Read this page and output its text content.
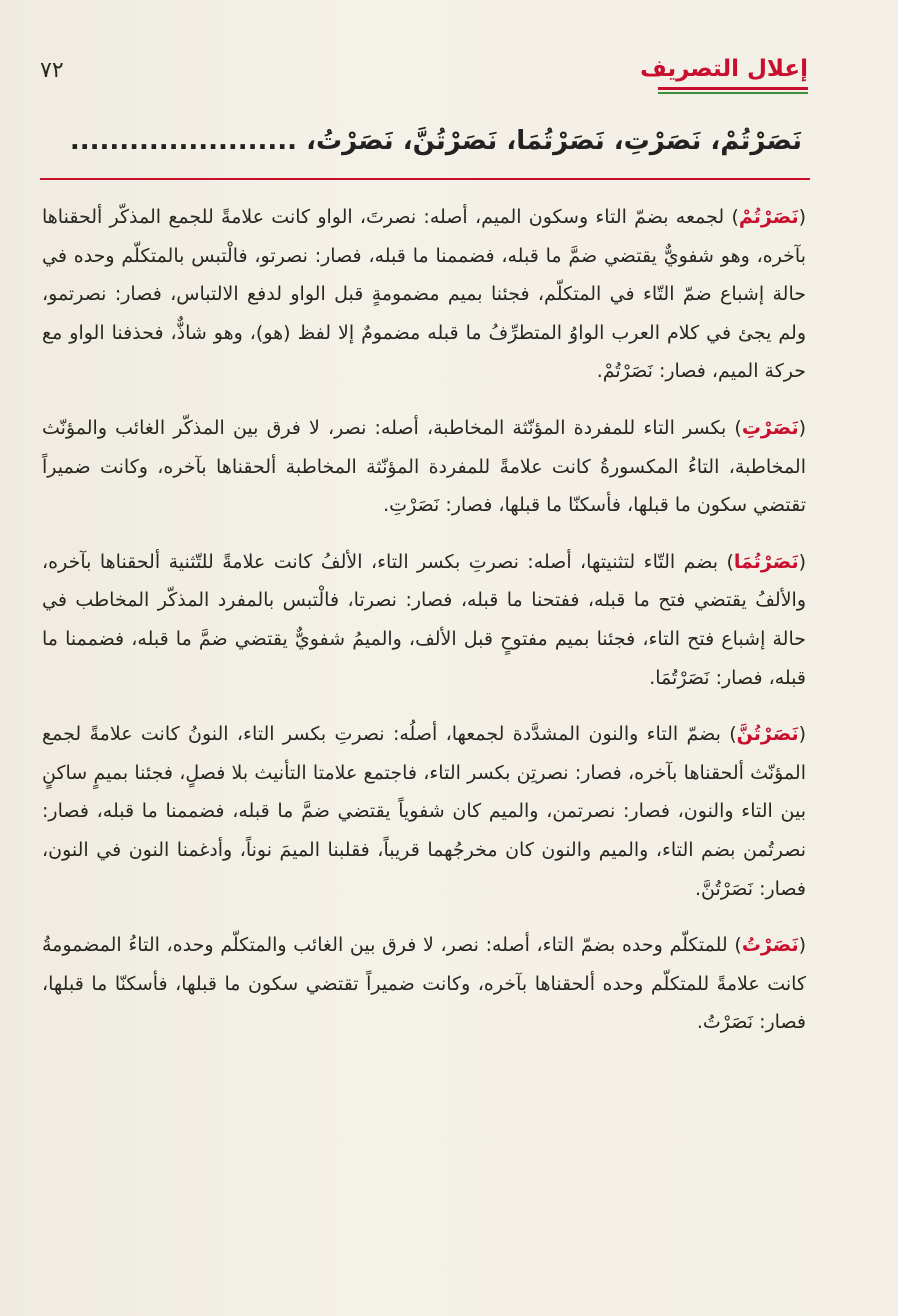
إعلال التصريف
٧٢
نَصَرْتُمْ، نَصَرْتِ، نَصَرْتُمَا، نَصَرْتُنَّ، نَصَرْتُ، .......................

(نَصَرْتُمْ) لجمعه بضمّ التاء وسكون الميم، أصله: نصرتَ، الواو كانت علامةً للجمع المذكّر ألحقناها بآخره، وهو شفويٌّ يقتضي ضمَّ ما قبله، فضممنا ما قبله، فصار: نصرتو، فالْتبس بالمتكلّم وحده في حالة إشباع ضمّ التّاء في المتكلّم، فجئنا بميم مضمومةٍ قبل الواو لدفع الالتباس، فصار: نصرتمو، ولم يجئ في كلام العرب الواوُ المتطرِّفُ ما قبله مضمومٌ إلا لفظ (هو)، وهو شاذٌّ، فحذفنا الواو مع حركة الميم، فصار: نَصَرْتُمْ.

(نَصَرْتِ) بكسر التاء للمفردة المؤنّثة المخاطبة، أصله: نصر، لا فرق بين المذكّر الغائب والمؤنّث المخاطبة، التاءُ المكسورةُ كانت علامةً للمفردة المؤنّثة المخاطبة ألحقناها بآخره، وكانت ضميراً تقتضي سكون ما قبلها، فأسكنّا ما قبلها، فصار: نَصَرْتِ.

(نَصَرْتُمَا) بضم التّاء لتثنيتها، أصله: نصرتِ بكسر التاء، الألفُ كانت علامةً للتّثنية ألحقناها بآخره، والألفُ يقتضي فتح ما قبله، ففتحنا ما قبله، فصار: نصرتا، فالْتبس بالمفرد المذكّر المخاطب في حالة إشباع فتح التاء، فجئنا بميم مفتوحٍ قبل الألف، والميمُ شفويٌّ يقتضي ضمَّ ما قبله، فضممنا ما قبله، فصار: نَصَرْتُمَا.

(نَصَرْتُنَّ) بضمّ التاء والنون المشدَّدة لجمعها، أصلُه: نصرتِ بكسر التاء، النونُ كانت علامةً لجمع المؤنّث ألحقناها بآخره، فصار: نصرتِن بكسر التاء، فاجتمع علامتا التأنيث بلا فصلٍ، فجئنا بميمٍ ساكنٍ بين التاء والنون، فصار: نصرتمن، والميم كان شفوياً يقتضي ضمَّ ما قبله، فضممنا ما قبله، فصار: نصرتُمن بضم التاء، والميم والنون كان مخرجُهما قريباً، فقلبنا الميمَ نوناً، وأدغمنا النون في النون، فصار: نَصَرْتُنَّ.

(نَصَرْتُ) للمتكلّم وحده بضمّ التاء، أصله: نصر، لا فرق بين الغائب والمتكلّم وحده، التاءُ المضمومةُ كانت علامةً للمتكلّم وحده ألحقناها بآخره، وكانت ضميراً تقتضي سكون ما قبلها، فأسكنّا ما قبلها، فصار: نَصَرْتُ.
